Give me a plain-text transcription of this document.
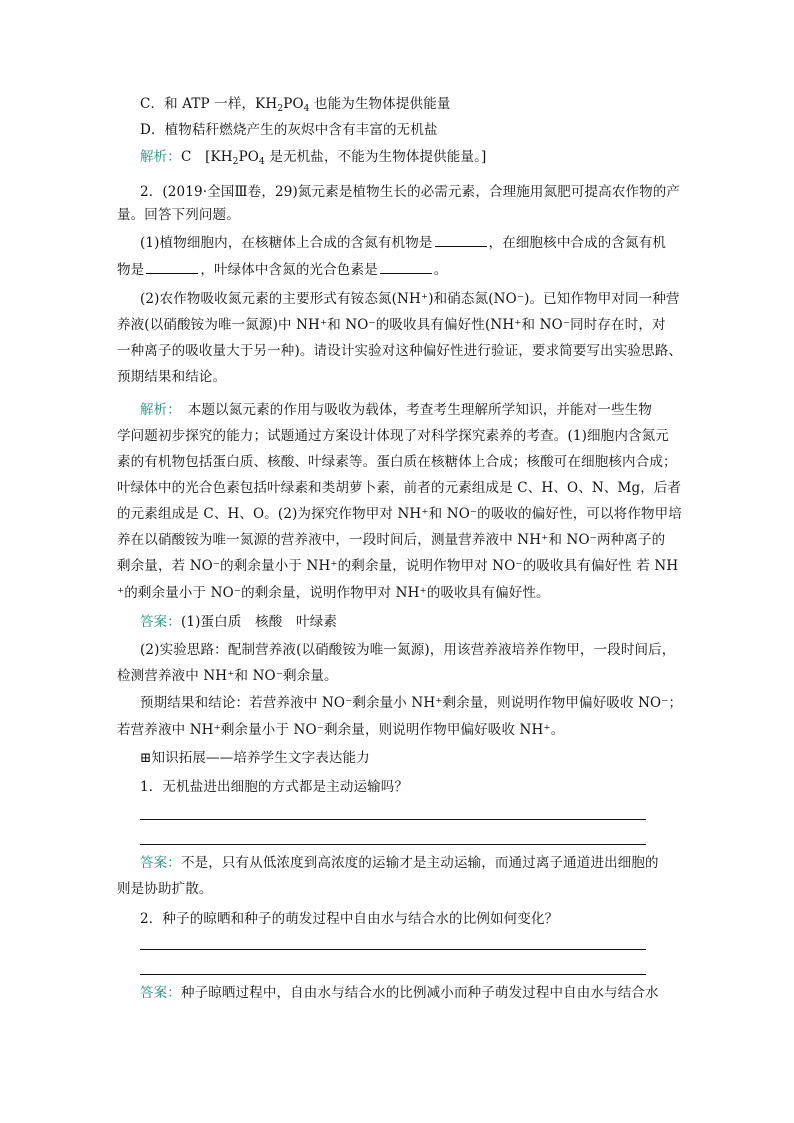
C．和 ATP 一样，$KH_2PO_4$ 也能为生物体提供能量
D．植物秸秆燃烧产生的灰烬中含有丰富的无机盐
解析：C　 [$KH_2PO_4$ 是无机盐，不能为生物体提供能量。]
2．(2019·全国Ⅲ卷，29)氮元素是植物生长的必需元素，合理施用氮肥可提高农作物的产
量。回答下列问题。
(1)植物细胞内，在核糖体上合成的含氮有机物是	，在细胞核中合成的含氮有机
物是	，叶绿体中含氮的光合色素是	。
(2)农作物吸收氮元素的主要形式有铵态氮(NH⁺)和硝态氮(NO⁻)。已知作物甲对同一种营
养液(以硝酸铵为唯一氮源)中 NH⁺和 NO⁻的吸收具有偏好性(NH⁺和 NO⁻同时存在时，对
一种离子的吸收量大于另一种)。请设计实验对这种偏好性进行验证，要求简要写出实验思路、
预期结果和结论。
解析：　 本题以氮元素的作用与吸收为载体，考查考生理解所学知识，并能对一些生物
学问题初步探究的能力；试题通过方案设计体现了对科学探究素养的考查。(1)细胞内含氮元
素的有机物包括蛋白质、核酸、叶绿素等。蛋白质在核糖体上合成；核酸可在细胞核内合成；
叶绿体中的光合色素包括叶绿素和类胡萝卜素，前者的元素组成是 C、H、O、N、Mg，后者
的元素组成是 C、H、O。(2)为探究作物甲对 NH⁺和 NO⁻的吸收的偏好性，可以将作物甲培
养在以硝酸铵为唯一氮源的营养液中，一段时间后，测量营养液中 NH⁺和 NO⁻两种离子的
剩余量，若 NO⁻的剩余量小于 NH⁺的剩余量，说明作物甲对 NO⁻的吸收具有偏好性 若 NH
⁺的剩余量小于 NO⁻的剩余量，说明作物甲对 NH⁺的吸收具有偏好性。
答案：(1)蛋白质　核酸　叶绿素
(2)实验思路：配制营养液(以硝酸铵为唯一氮源)，用该营养液培养作物甲，一段时间后，
检测营养液中 NH⁺和 NO⁻剩余量。
预期结果和结论：若营养液中 NO⁻剩余量小 NH⁺剩余量，则说明作物甲偏好吸收 NO⁻；
若营养液中 NH⁺剩余量小于 NO⁻剩余量，则说明作物甲偏好吸收 NH⁺。
⊞知识拓展——培养学生文字表达能力
1．无机盐进出细胞的方式都是主动运输吗？
答案：不是，只有从低浓度到高浓度的运输才是主动运输，而通过离子通道进出细胞的
则是协助扩散。
2．种子的晾晒和种子的萌发过程中自由水与结合水的比例如何变化？
答案：种子晾晒过程中，自由水与结合水的比例减小而种子萌发过程中自由水与结合水
